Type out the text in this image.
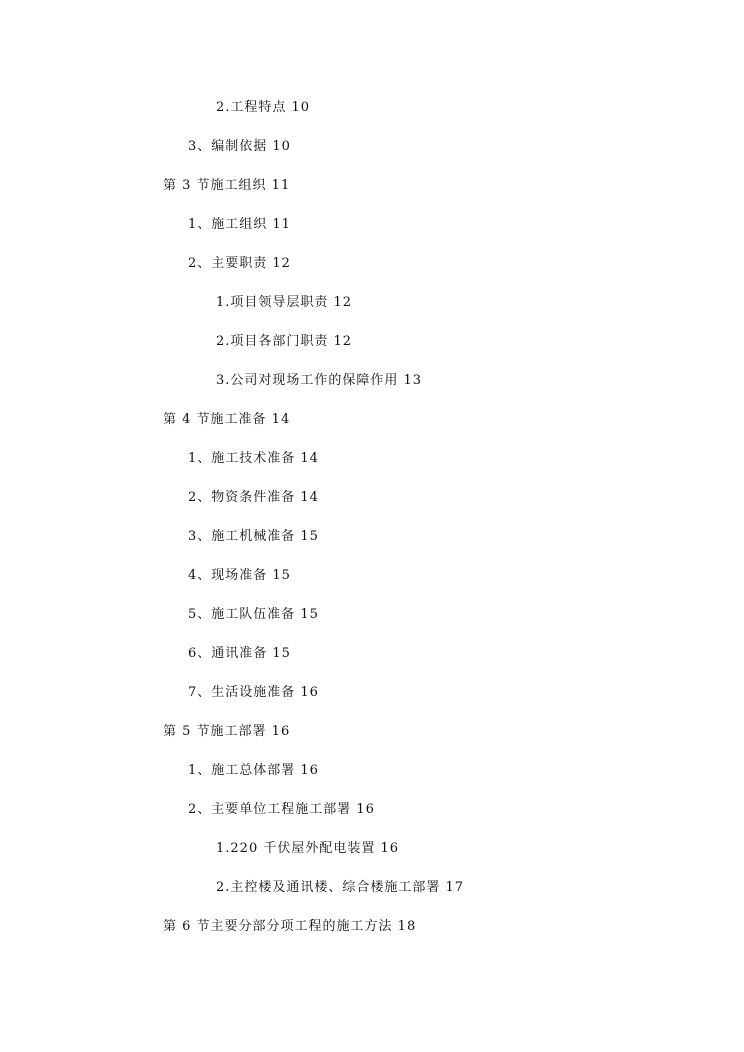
2.工程特点 10
3、编制依据 10
第 3 节施工组织 11
1、施工组织 11
2、主要职责 12
1.项目领导层职责 12
2.项目各部门职责 12
3.公司对现场工作的保障作用 13
第 4 节施工准备 14
1、施工技术准备 14
2、物资条件准备 14
3、施工机械准备 15
4、现场准备 15
5、施工队伍准备 15
6、通讯准备 15
7、生活设施准备 16
第 5 节施工部署 16
1、施工总体部署 16
2、主要单位工程施工部署 16
1.220 千伏屋外配电装置 16
2.主控楼及通讯楼、综合楼施工部署 17
第 6 节主要分部分项工程的施工方法 18
